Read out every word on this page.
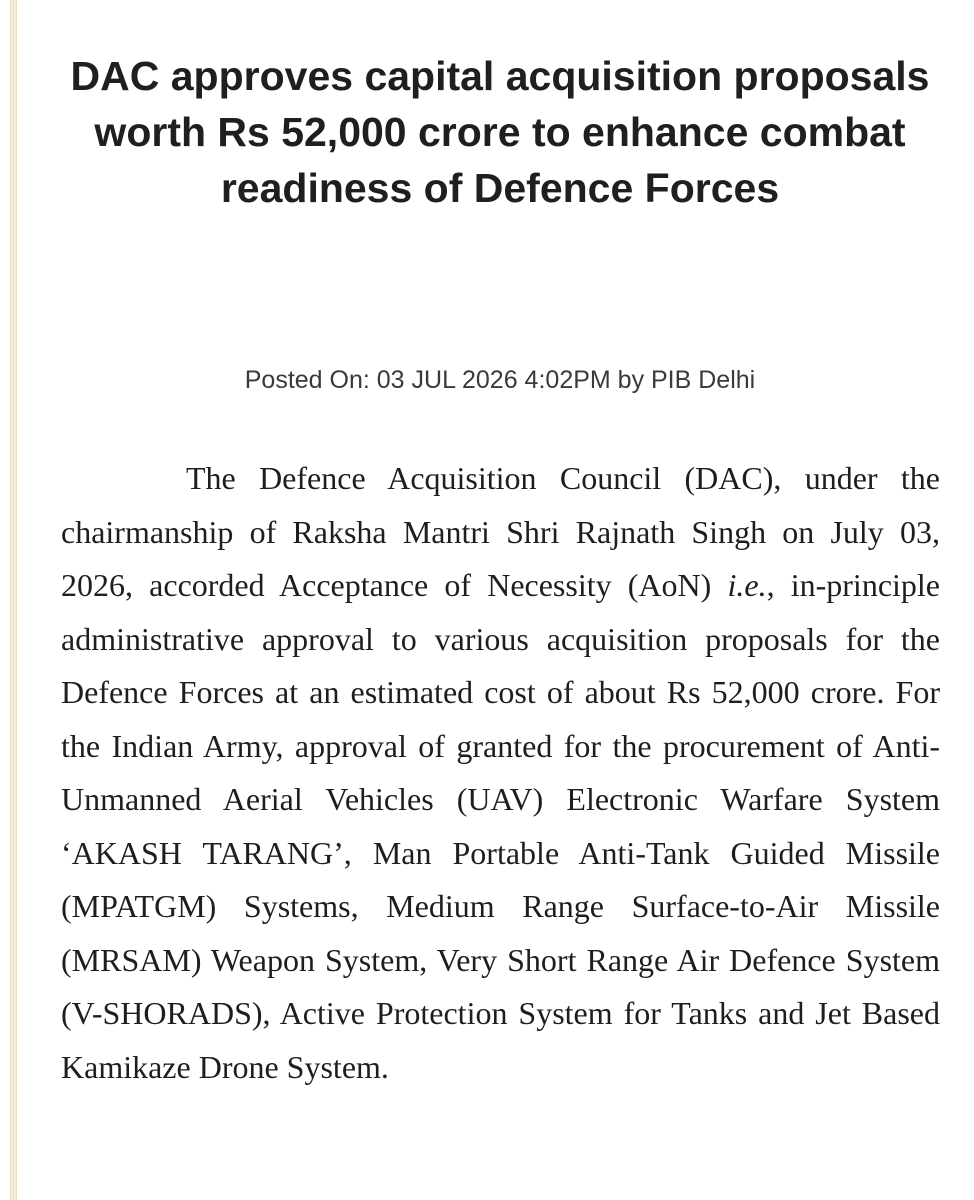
DAC approves capital acquisition proposals worth Rs 52,000 crore to enhance combat readiness of Defence Forces
Posted On: 03 JUL 2026 4:02PM by PIB Delhi

The Defence Acquisition Council (DAC), under the chairmanship of Raksha Mantri Shri Rajnath Singh on July 03, 2026, accorded Acceptance of Necessity (AoN) i.e., in-principle administrative approval to various acquisition proposals for the Defence Forces at an estimated cost of about Rs 52,000 crore. For the Indian Army, approval of granted for the procurement of Anti-Unmanned Aerial Vehicles (UAV) Electronic Warfare System ‘AKASH TARANG’, Man Portable Anti-Tank Guided Missile (MPATGM) Systems, Medium Range Surface-to-Air Missile (MRSAM) Weapon System, Very Short Range Air Defence System (V-SHORADS), Active Protection System for Tanks and Jet Based Kamikaze Drone System.
